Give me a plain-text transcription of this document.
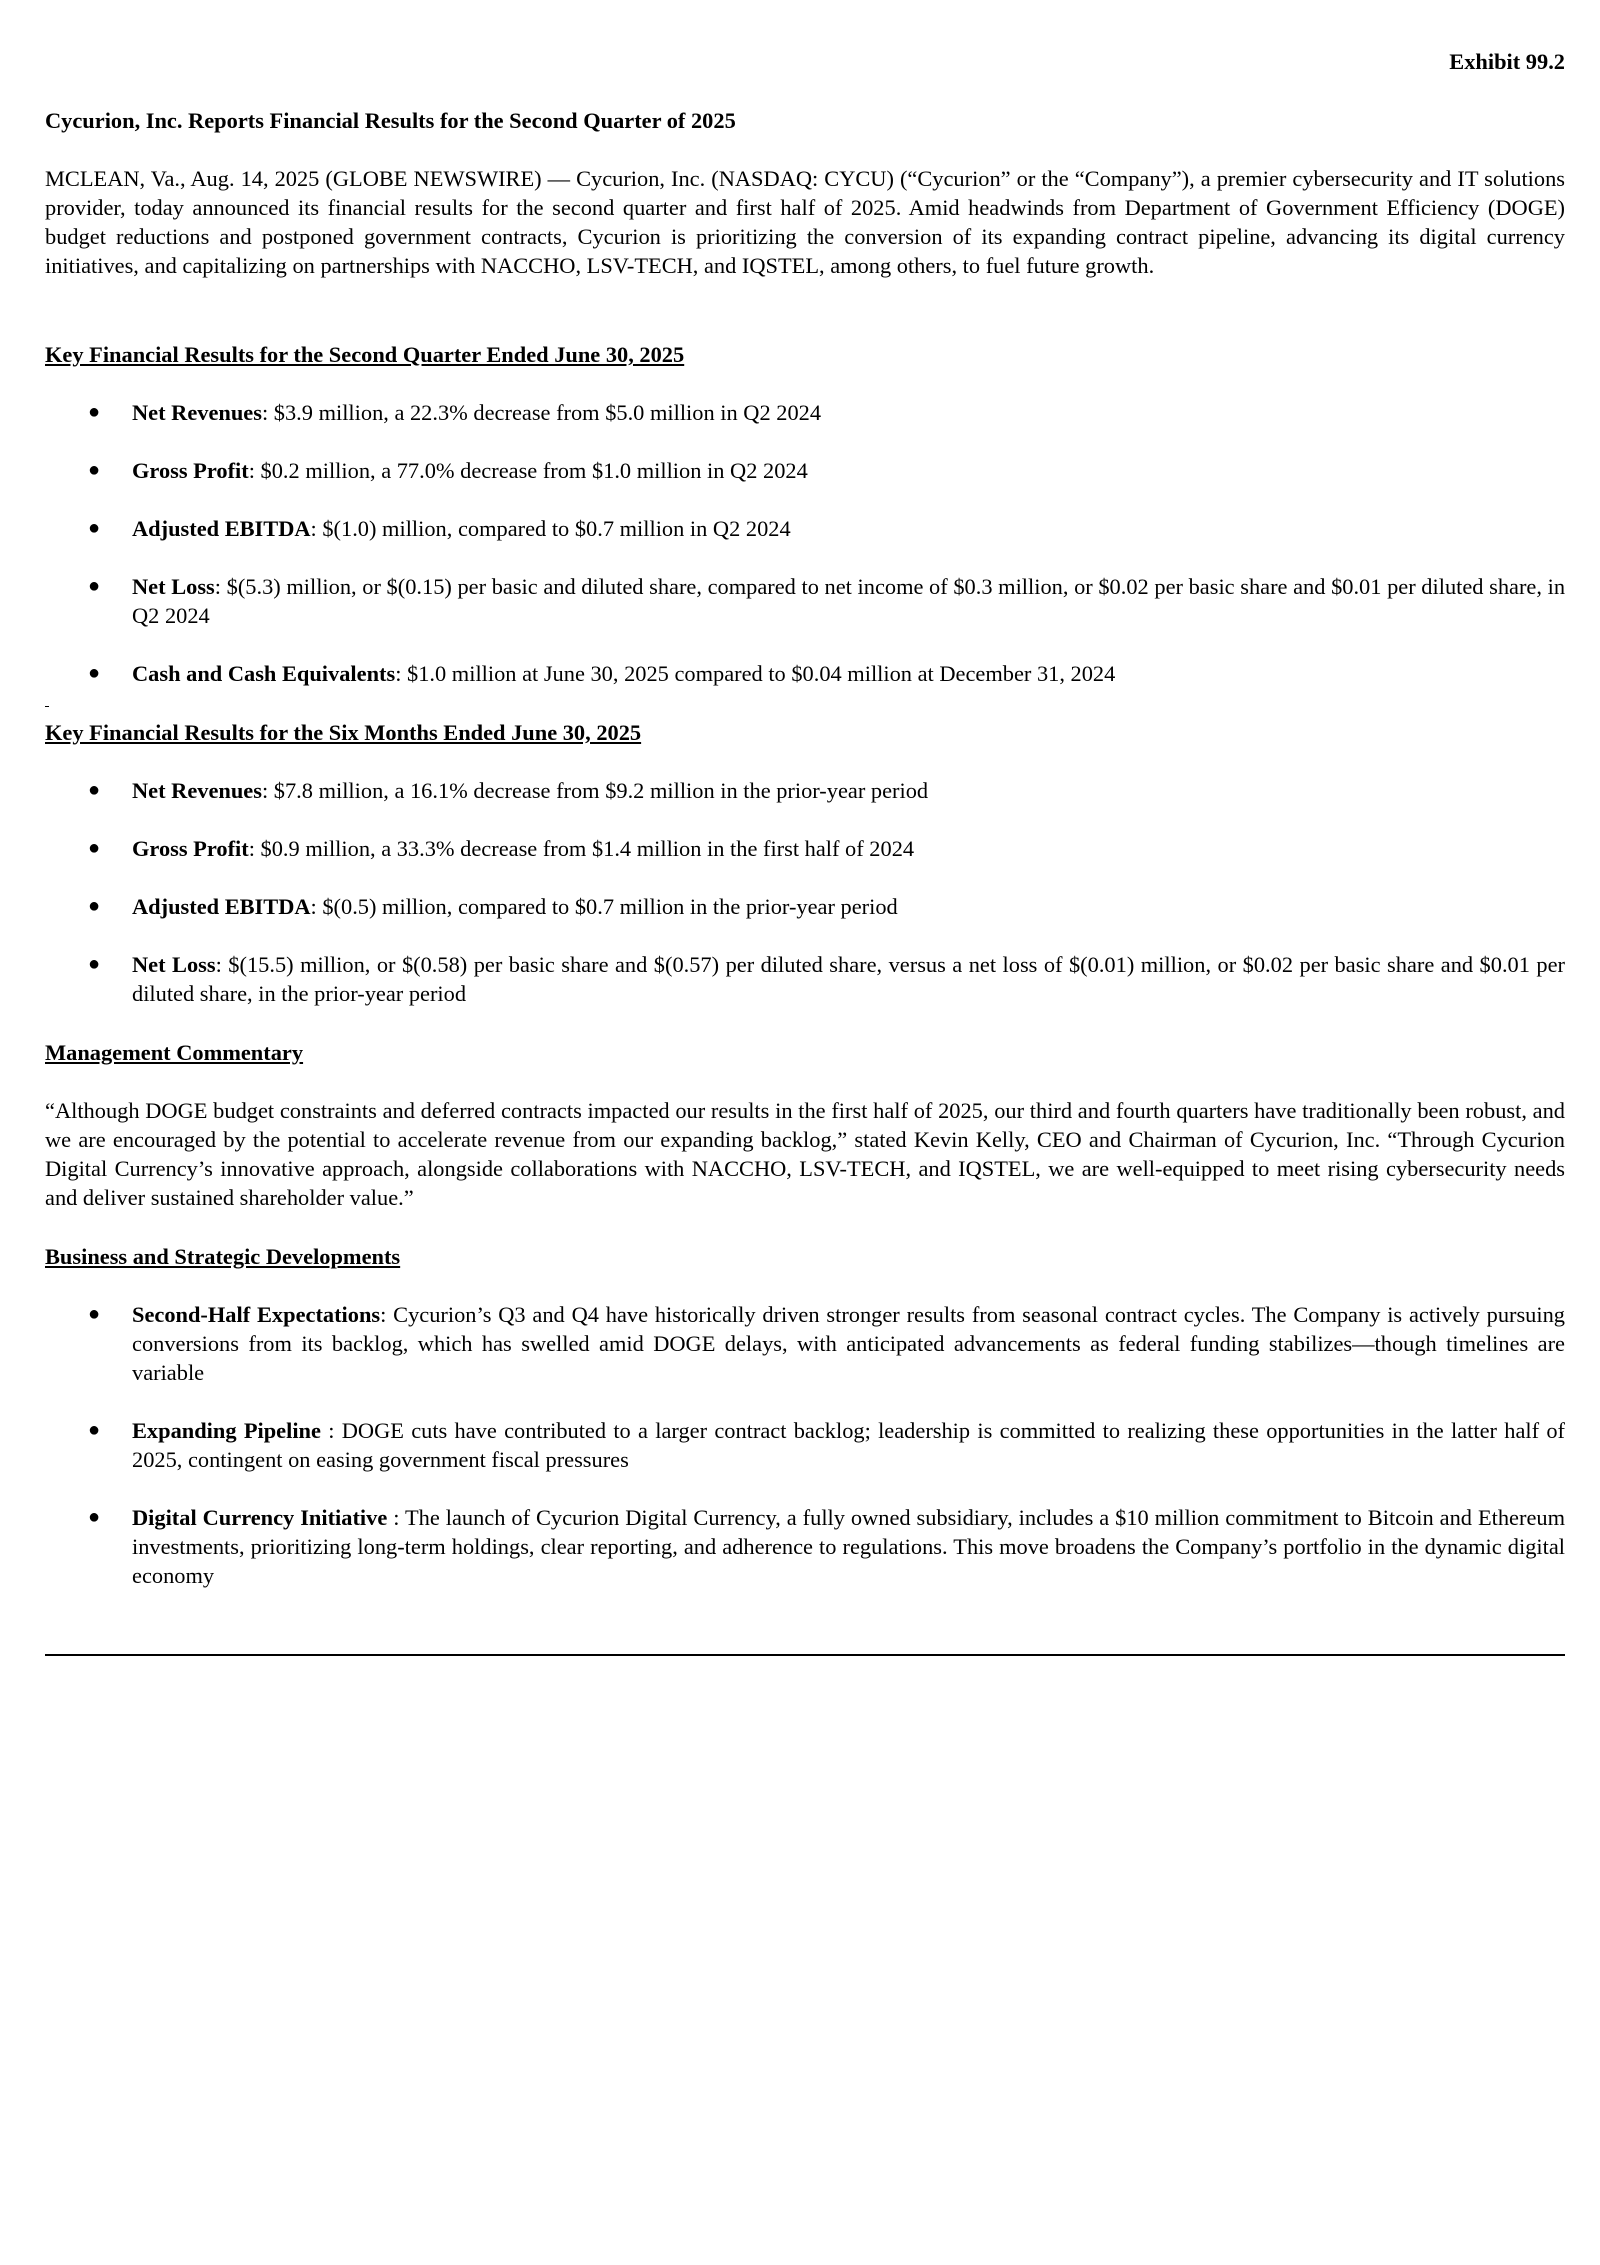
Exhibit 99.2
Cycurion, Inc. Reports Financial Results for the Second Quarter of 2025
MCLEAN, Va., Aug. 14, 2025 (GLOBE NEWSWIRE) — Cycurion, Inc. (NASDAQ: CYCU) (“Cycurion” or the “Company”), a premier cybersecurity and IT solutions provider, today announced its financial results for the second quarter and first half of 2025. Amid headwinds from Department of Government Efficiency (DOGE) budget reductions and postponed government contracts, Cycurion is prioritizing the conversion of its expanding contract pipeline, advancing its digital currency initiatives, and capitalizing on partnerships with NACCHO, LSV-TECH, and IQSTEL, among others, to fuel future growth.
Key Financial Results for the Second Quarter Ended June 30, 2025
● Net Revenues: $3.9 million, a 22.3% decrease from $5.0 million in Q2 2024
● Gross Profit: $0.2 million, a 77.0% decrease from $1.0 million in Q2 2024
● Adjusted EBITDA: $(1.0) million, compared to $0.7 million in Q2 2024
● Net Loss: $(5.3) million, or $(0.15) per basic and diluted share, compared to net income of $0.3 million, or $0.02 per basic share and $0.01 per diluted share, in Q2 2024
● Cash and Cash Equivalents: $1.0 million at June 30, 2025 compared to $0.04 million at December 31, 2024
Key Financial Results for the Six Months Ended June 30, 2025
● Net Revenues: $7.8 million, a 16.1% decrease from $9.2 million in the prior-year period
● Gross Profit: $0.9 million, a 33.3% decrease from $1.4 million in the first half of 2024
● Adjusted EBITDA: $(0.5) million, compared to $0.7 million in the prior-year period
● Net Loss: $(15.5) million, or $(0.58) per basic share and $(0.57) per diluted share, versus a net loss of $(0.01) million, or $0.02 per basic share and $0.01 per diluted share, in the prior-year period
Management Commentary
“Although DOGE budget constraints and deferred contracts impacted our results in the first half of 2025, our third and fourth quarters have traditionally been robust, and we are encouraged by the potential to accelerate revenue from our expanding backlog,” stated Kevin Kelly, CEO and Chairman of Cycurion, Inc. “Through Cycurion Digital Currency’s innovative approach, alongside collaborations with NACCHO, LSV-TECH, and IQSTEL, we are well-equipped to meet rising cybersecurity needs and deliver sustained shareholder value.”
Business and Strategic Developments
● Second-Half Expectations: Cycurion’s Q3 and Q4 have historically driven stronger results from seasonal contract cycles. The Company is actively pursuing conversions from its backlog, which has swelled amid DOGE delays, with anticipated advancements as federal funding stabilizes—though timelines are variable
● Expanding Pipeline : DOGE cuts have contributed to a larger contract backlog; leadership is committed to realizing these opportunities in the latter half of 2025, contingent on easing government fiscal pressures
● Digital Currency Initiative : The launch of Cycurion Digital Currency, a fully owned subsidiary, includes a $10 million commitment to Bitcoin and Ethereum investments, prioritizing long-term holdings, clear reporting, and adherence to regulations. This move broadens the Company’s portfolio in the dynamic digital economy
